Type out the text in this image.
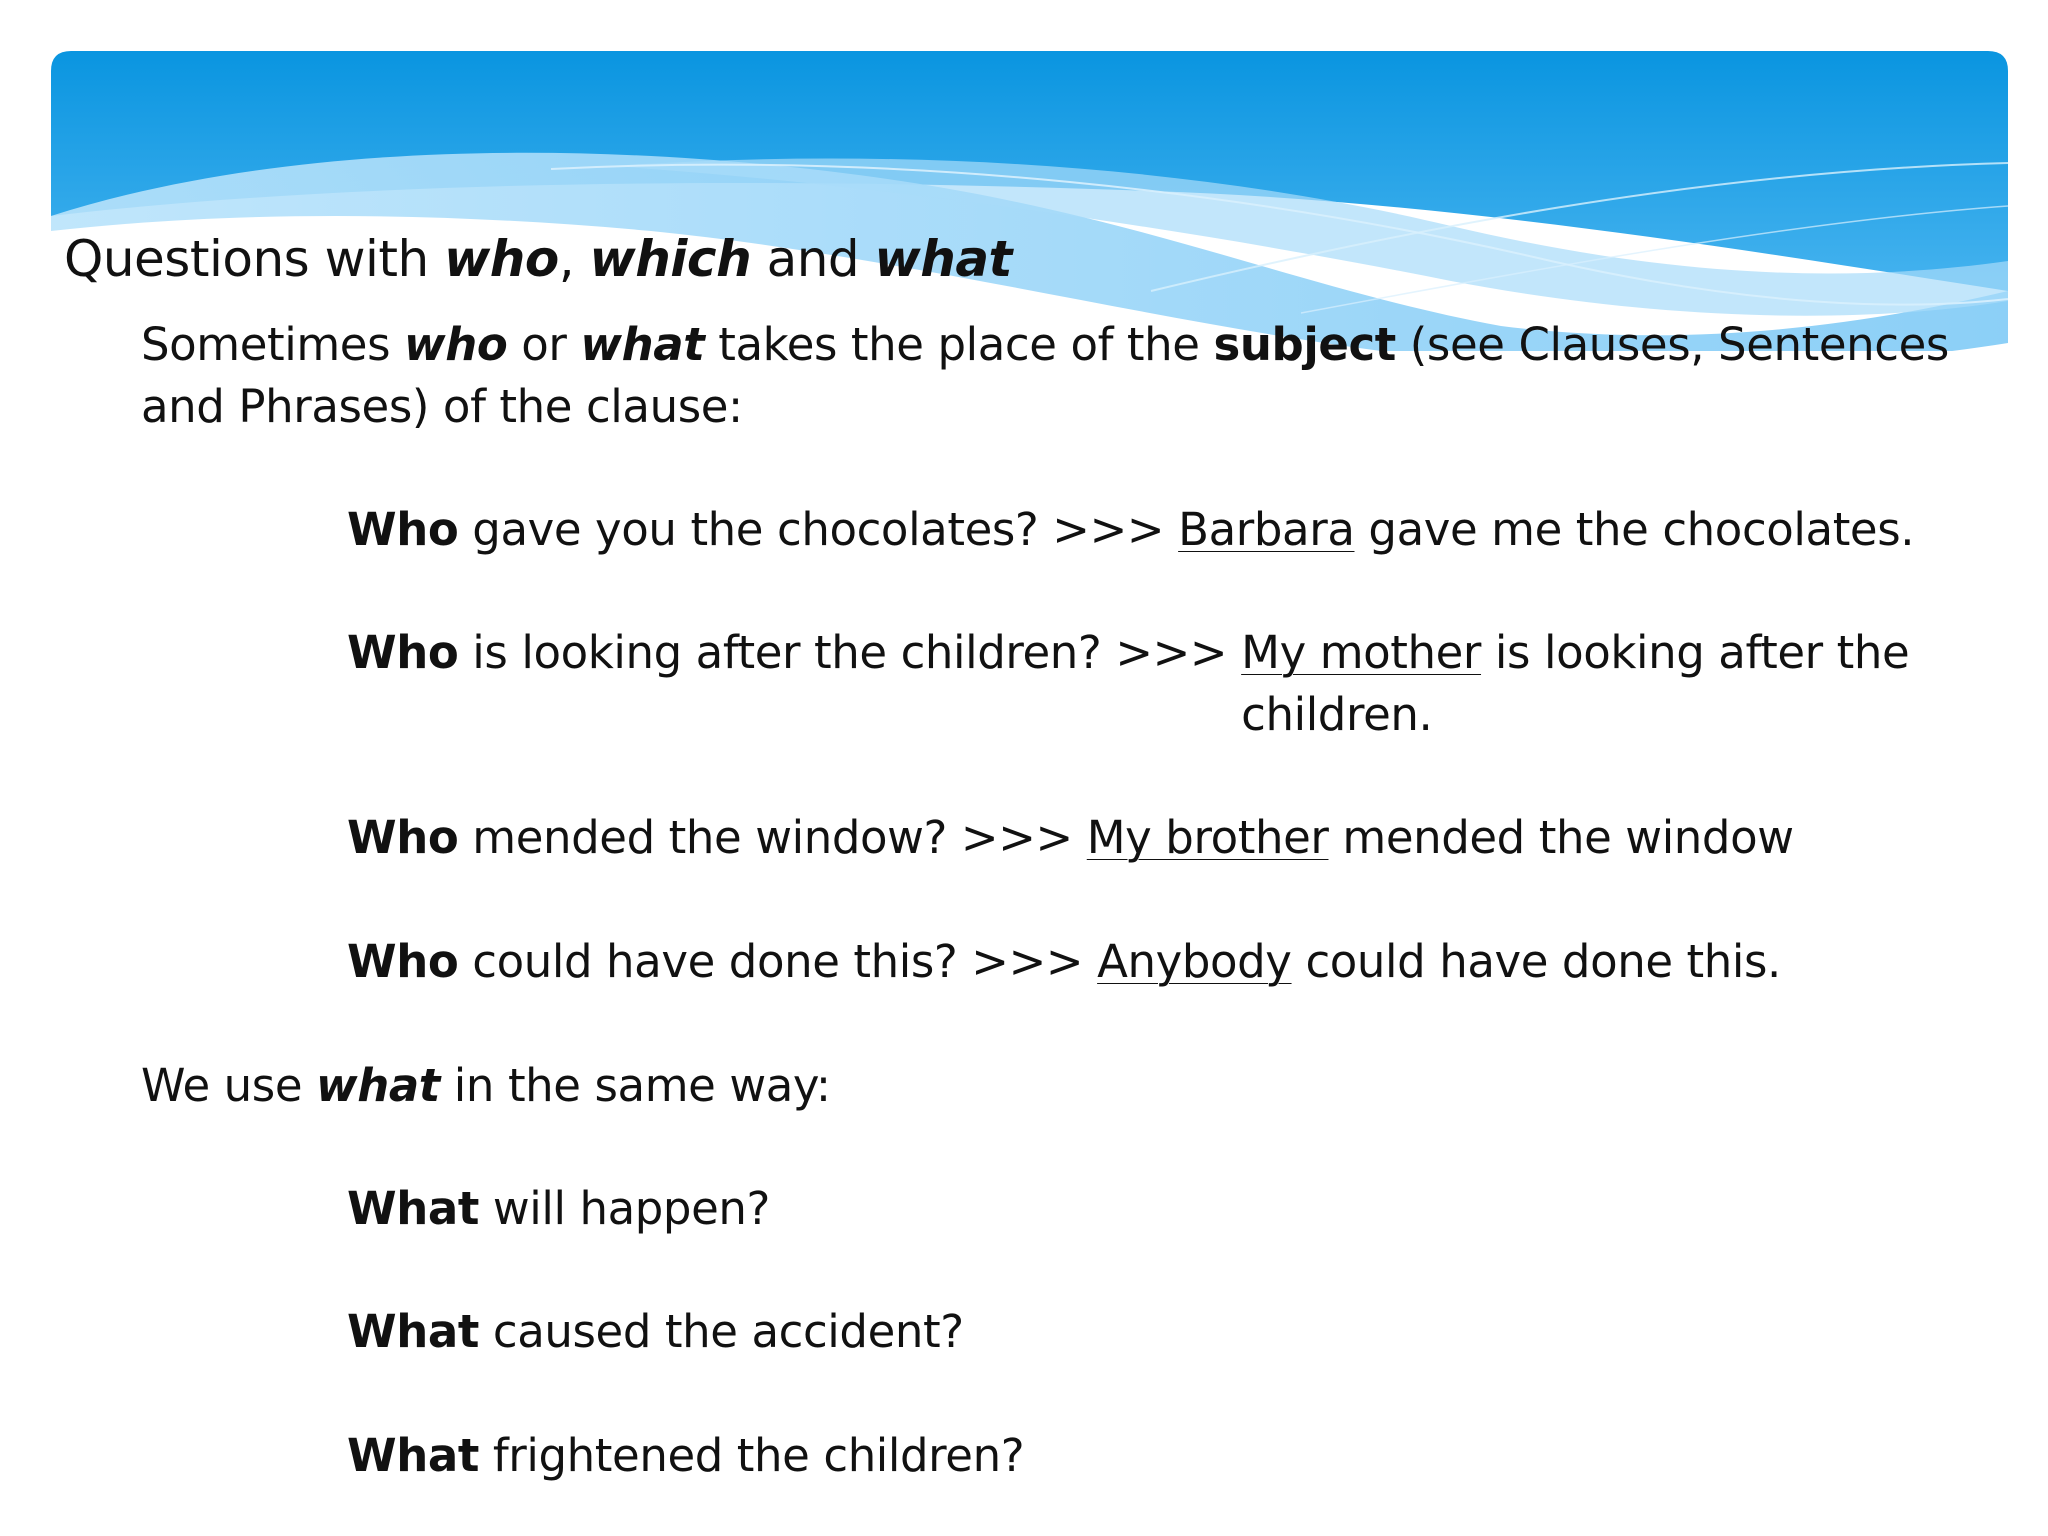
Questions with who, which and what

Sometimes who or what takes the place of the subject (see Clauses, Sentences and Phrases) of the clause:

Who gave you the chocolates? >>> Barbara gave me the chocolates.

Who is looking after the children? >>> My mother is looking after the
children.

Who mended the window? >>> My brother mended the window

Who could have done this? >>> Anybody could have done this.

We use what in the same way:

What will happen?

What caused the accident?

What frightened the children?
